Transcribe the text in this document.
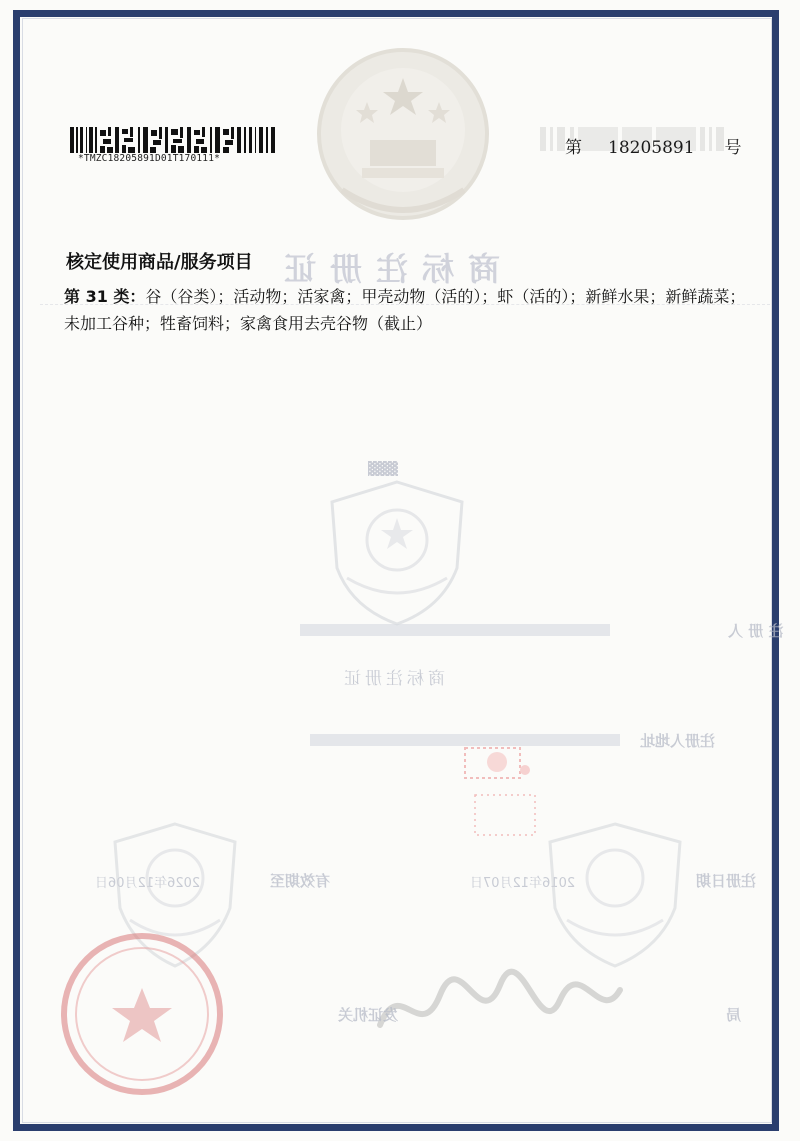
*TMZC18205891D01T170111*
第 18205891 号
商标注册证
核定使用商品/服务项目
第 31 类：谷（谷类）；活动物；活家禽；甲壳动物（活的）；虾（活的）；新鲜水果；新鲜蔬菜；未加工谷种；牲畜饲料；家禽食用去壳谷物（截止）
▓▓▓
注 册 人
商标注册证
注册人地址
注册日期
2016年12月07日
有效期至
2026年12月06日
发证机关	局
